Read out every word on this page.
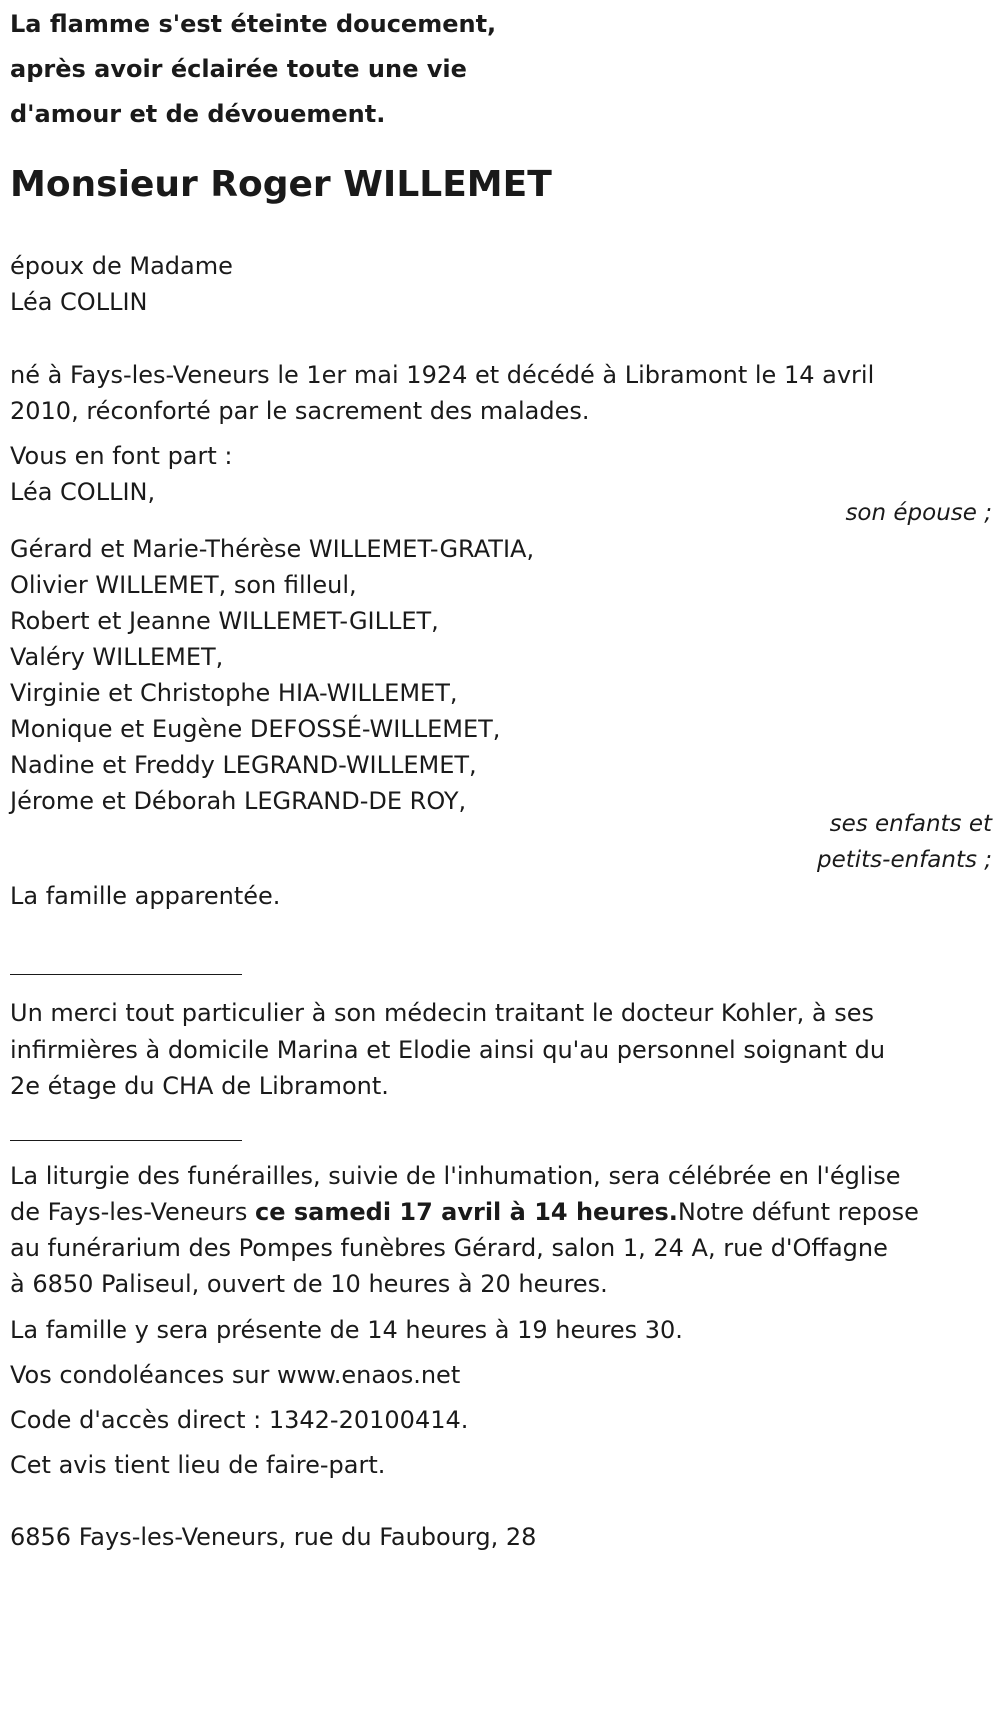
La flamme s'est éteinte doucement,
après avoir éclairée toute une vie
d'amour et de dévouement.
Monsieur Roger WILLEMET
époux de Madame
Léa COLLIN
né à Fays-les-Veneurs le 1er mai 1924 et décédé à Libramont le 14 avril
2010, réconforté par le sacrement des malades.
Vous en font part :
Léa COLLIN,
son épouse ;
Gérard et Marie-Thérèse WILLEMET-GRATIA,
Olivier WILLEMET, son filleul,
Robert et Jeanne WILLEMET-GILLET,
Valéry WILLEMET,
Virginie et Christophe HIA-WILLEMET,
Monique et Eugène DEFOSSÉ-WILLEMET,
Nadine et Freddy LEGRAND-WILLEMET,
Jérome et Déborah LEGRAND-DE ROY,
ses enfants et
petits-enfants ;
La famille apparentée.
Un merci tout particulier à son médecin traitant le docteur Kohler, à ses
infirmières à domicile Marina et Elodie ainsi qu'au personnel soignant du
2e étage du CHA de Libramont.
La liturgie des funérailles, suivie de l'inhumation, sera célébrée en l'église
de Fays-les-Veneurs ce samedi 17 avril à 14 heures.Notre défunt repose
au funérarium des Pompes funèbres Gérard, salon 1, 24 A, rue d'Offagne
à 6850 Paliseul, ouvert de 10 heures à 20 heures.
La famille y sera présente de 14 heures à 19 heures 30.
Vos condoléances sur www.enaos.net
Code d'accès direct : 1342-20100414.
Cet avis tient lieu de faire-part.
6856 Fays-les-Veneurs, rue du Faubourg, 28
